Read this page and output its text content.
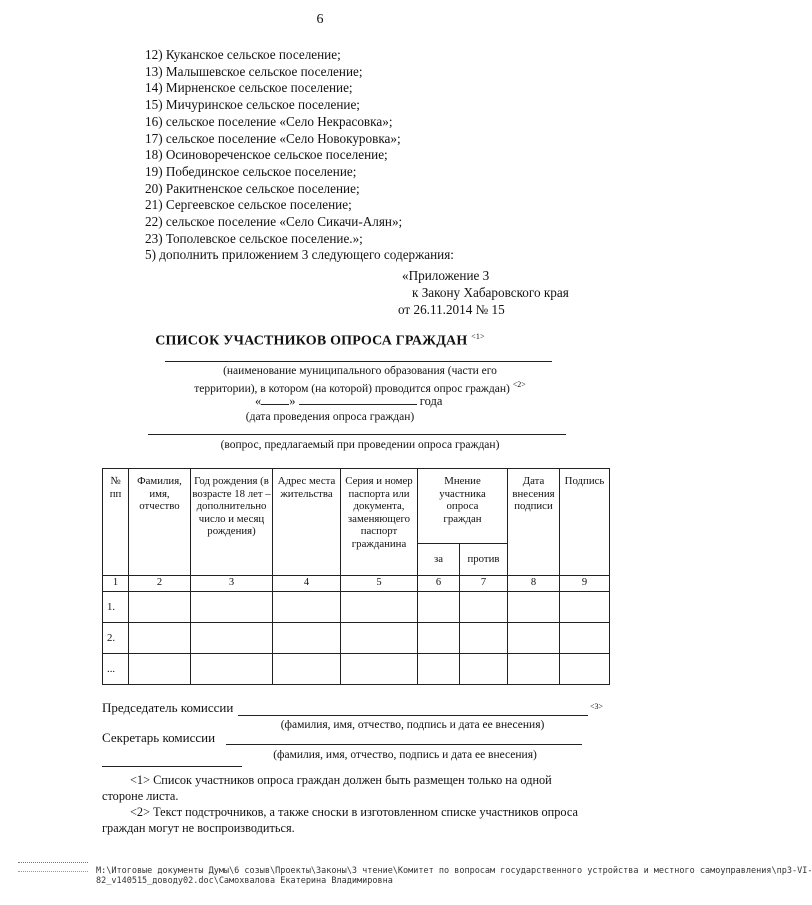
6
12) Куканское сельское поселение;
13) Малышевское сельское поселение;
14) Мирненское сельское поселение;
15) Мичуринское сельское поселение;
16) сельское поселение «Село Некрасовка»;
17) сельское поселение «Село Новокуровка»;
18) Осиновореченское сельское поселение;
19) Побединское сельское поселение;
20) Ракитненское сельское поселение;
21) Сергеевское сельское поселение;
22) сельское поселение «Село Сикачи-Алян»;
23) Тополевское сельское поселение.»;
5) дополнить приложением 3 следующего содержания:
«Приложение 3
к Закону Хабаровского края
от 26.11.2014 № 15
СПИСОК УЧАСТНИКОВ ОПРОСА ГРАЖДАН $^{<1>}$
(наименование муниципального образования (части его
территории), в котором (на которой) проводится опрос граждан) $^{<2>}$
« »	года
(дата проведения опроса граждан)
(вопрос, предлагаемый при проведении опроса граждан)
№ пп	Фамилия, имя, отчество	Год рождения (в возрасте 18 лет – дополнительно число и месяц рождения)	Адрес места жительства	Серия и номер паспорта или документа, заменяющего паспорт гражданина	Мнение участника опроса граждан		Дата внесения подписи	Подпись
					за	против		
1	2	3	4	5	6	7	8	9
1.								
2.								
...								
Председатель комиссии	<3>
(фамилия, имя, отчество, подпись и дата ее внесения)
Секретарь комиссии
(фамилия, имя, отчество, подпись и дата ее внесения)
<1> Список участников опроса граждан должен быть размещен только на одной
стороне листа.
<2> Текст подстрочников, а также сноски в изготовленном списке участников опроса
граждан могут не воспроизводиться.
M:\Итоговые документы Думы\6 созыв\Проекты\Законы\3 чтение\Комитет по вопросам государственного устройства и местного самоуправления\пр3-VI-
82_v140515_доводу02.doc\Самохвалова Екатерина Владимировна
